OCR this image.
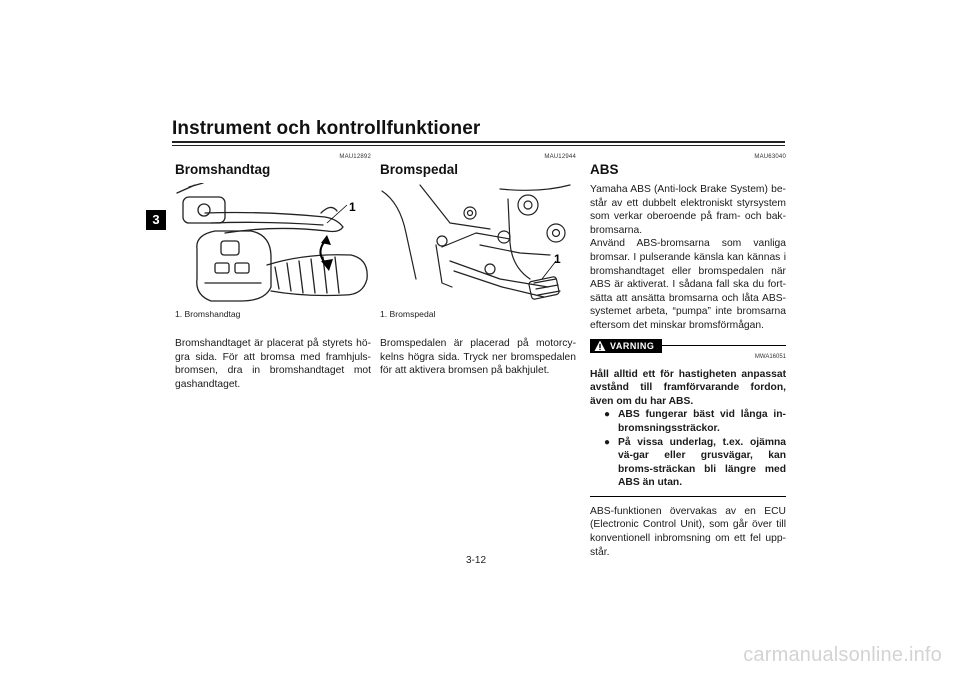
Instrument och kontrollfunktioner
3
MAU12892
Bromshandtag
1
1. Bromshandtag

Bromshandtaget är placerat på styrets hö-gra sida. För att bromsa med framhjuls-bromsen, dra in bromshandtaget mot gashandtaget.

MAU12944
Bromspedal
1
1. Bromspedal

Bromspedalen är placerad på motorcy-kelns högra sida. Tryck ner bromspedalen för att aktivera bromsen på bakhjulet.

MAU63040
ABS

Yamaha ABS (Anti-lock Brake System) be-står av ett dubbelt elektroniskt styrsystem som verkar oberoende på fram- och bak-bromsarna.

Använd ABS-bromsarna som vanliga bromsar. I pulserande känsla kan kännas i bromshandtaget eller bromspedalen när ABS är aktiverat. I sådana fall ska du fort-sätta att ansätta bromsarna och låta ABS-systemet arbeta, “pumpa” inte bromsarna eftersom det minskar bromsförmågan.

VARNING
MWA16051
Håll alltid ett för hastigheten anpassat avstånd till framförvarande fordon, även om du har ABS.
● ABS fungerar bäst vid långa in-bromsningssträckor.
● På vissa underlag, t.ex. ojämna vä-gar eller grusvägar, kan broms-sträckan bli längre med ABS än utan.

ABS-funktionen övervakas av en ECU (Electronic Control Unit), som går över till konventionell inbromsning om ett fel upp-står.

3-12
carmanualsonline.info
